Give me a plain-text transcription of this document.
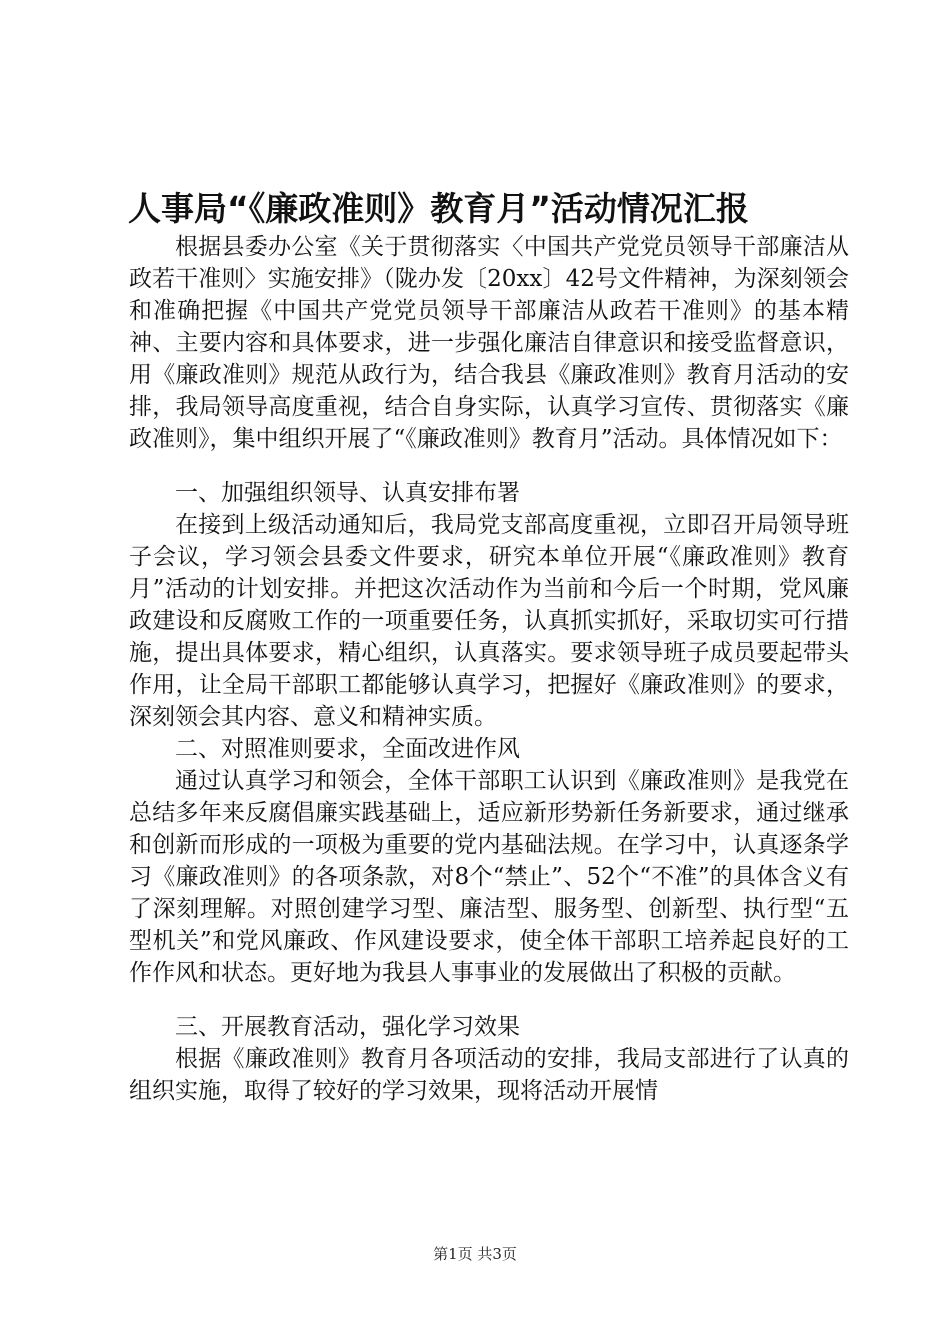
人事局“《廉政准则》教育月”活动情况汇报

根据县委办公室《关于贯彻落实〈中国共产党党员领导干部廉洁从政若干准则〉实施安排》（陇办发〔20xx〕42号文件精神，为深刻领会和准确把握《中国共产党党员领导干部廉洁从政若干准则》的基本精神、主要内容和具体要求，进一步强化廉洁自律意识和接受监督意识，用《廉政准则》规范从政行为，结合我县《廉政准则》教育月活动的安排，我局领导高度重视，结合自身实际，认真学习宣传、贯彻落实《廉政准则》，集中组织开展了“《廉政准则》教育月”活动。具体情况如下：

一、加强组织领导、认真安排布署

在接到上级活动通知后，我局党支部高度重视，立即召开局领导班子会议，学习领会县委文件要求，研究本单位开展“《廉政准则》教育月”活动的计划安排。并把这次活动作为当前和今后一个时期，党风廉政建设和反腐败工作的一项重要任务，认真抓实抓好，采取切实可行措施，提出具体要求，精心组织，认真落实。要求领导班子成员要起带头作用，让全局干部职工都能够认真学习，把握好《廉政准则》的要求，深刻领会其内容、意义和精神实质。

二、对照准则要求，全面改进作风

通过认真学习和领会，全体干部职工认识到《廉政准则》是我党在总结多年来反腐倡廉实践基础上，适应新形势新任务新要求，通过继承和创新而形成的一项极为重要的党内基础法规。在学习中，认真逐条学习《廉政准则》的各项条款，对8个“禁止”、52个“不准”的具体含义有了深刻理解。对照创建学习型、廉洁型、服务型、创新型、执行型“五型机关”和党风廉政、作风建设要求，使全体干部职工培养起良好的工作作风和状态。更好地为我县人事事业的发展做出了积极的贡献。

三、开展教育活动，强化学习效果

根据《廉政准则》教育月各项活动的安排，我局支部进行了认真的组织实施，取得了较好的学习效果，现将活动开展情

第1页 共3页
